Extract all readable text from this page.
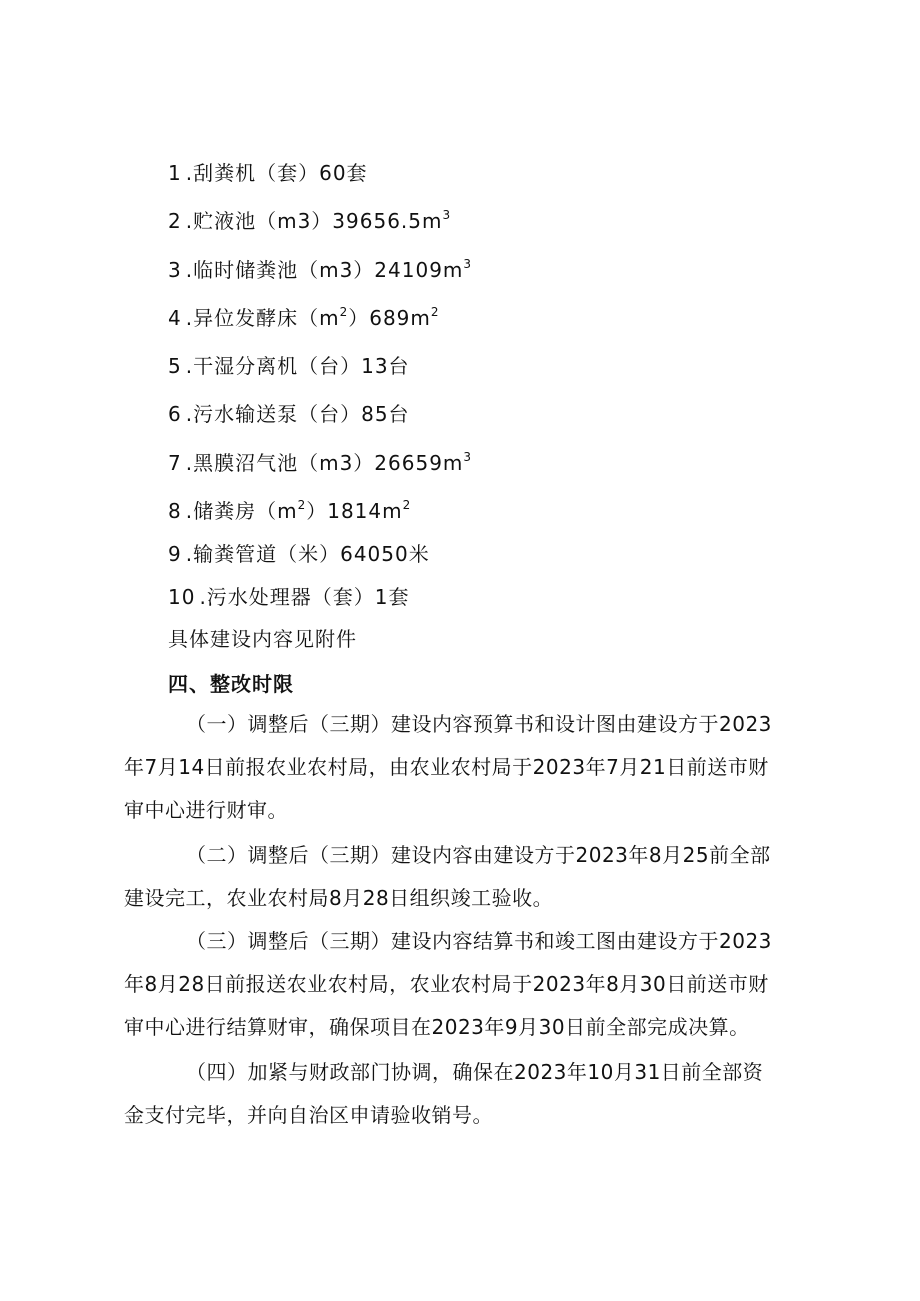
1 .刮粪机（套）60套
2 .贮液池$(m3)39656.5m^3$
3 .临时储粪池$(m3)24109m^3$
4 .异位发酵床$(m^2)689m^2$
5 .干湿分离机（台）13台
6 .污水输送泵（台）85台
7 .黑膜沼气池$(m3)26659m^3$
8 .储粪房$(m^2)1814m^2$
9 .输粪管道（米）64050米
10 .污水处理器（套）1套
具体建设内容见附件
四、整改时限
（一）调整后（三期）建设内容预算书和设计图由建设方于2023
年7月14日前报农业农村局，由农业农村局于2023年7月21日前送市财
审中心进行财审。
（二）调整后（三期）建设内容由建设方于2023年8月25前全部
建设完工，农业农村局8月28日组织竣工验收。
（三）调整后（三期）建设内容结算书和竣工图由建设方于2023
年8月28日前报送农业农村局，农业农村局于2023年8月30日前送市财
审中心进行结算财审，确保项目在2023年9月30日前全部完成决算。
（四）加紧与财政部门协调，确保在2023年10月31日前全部资
金支付完毕，并向自治区申请验收销号。
